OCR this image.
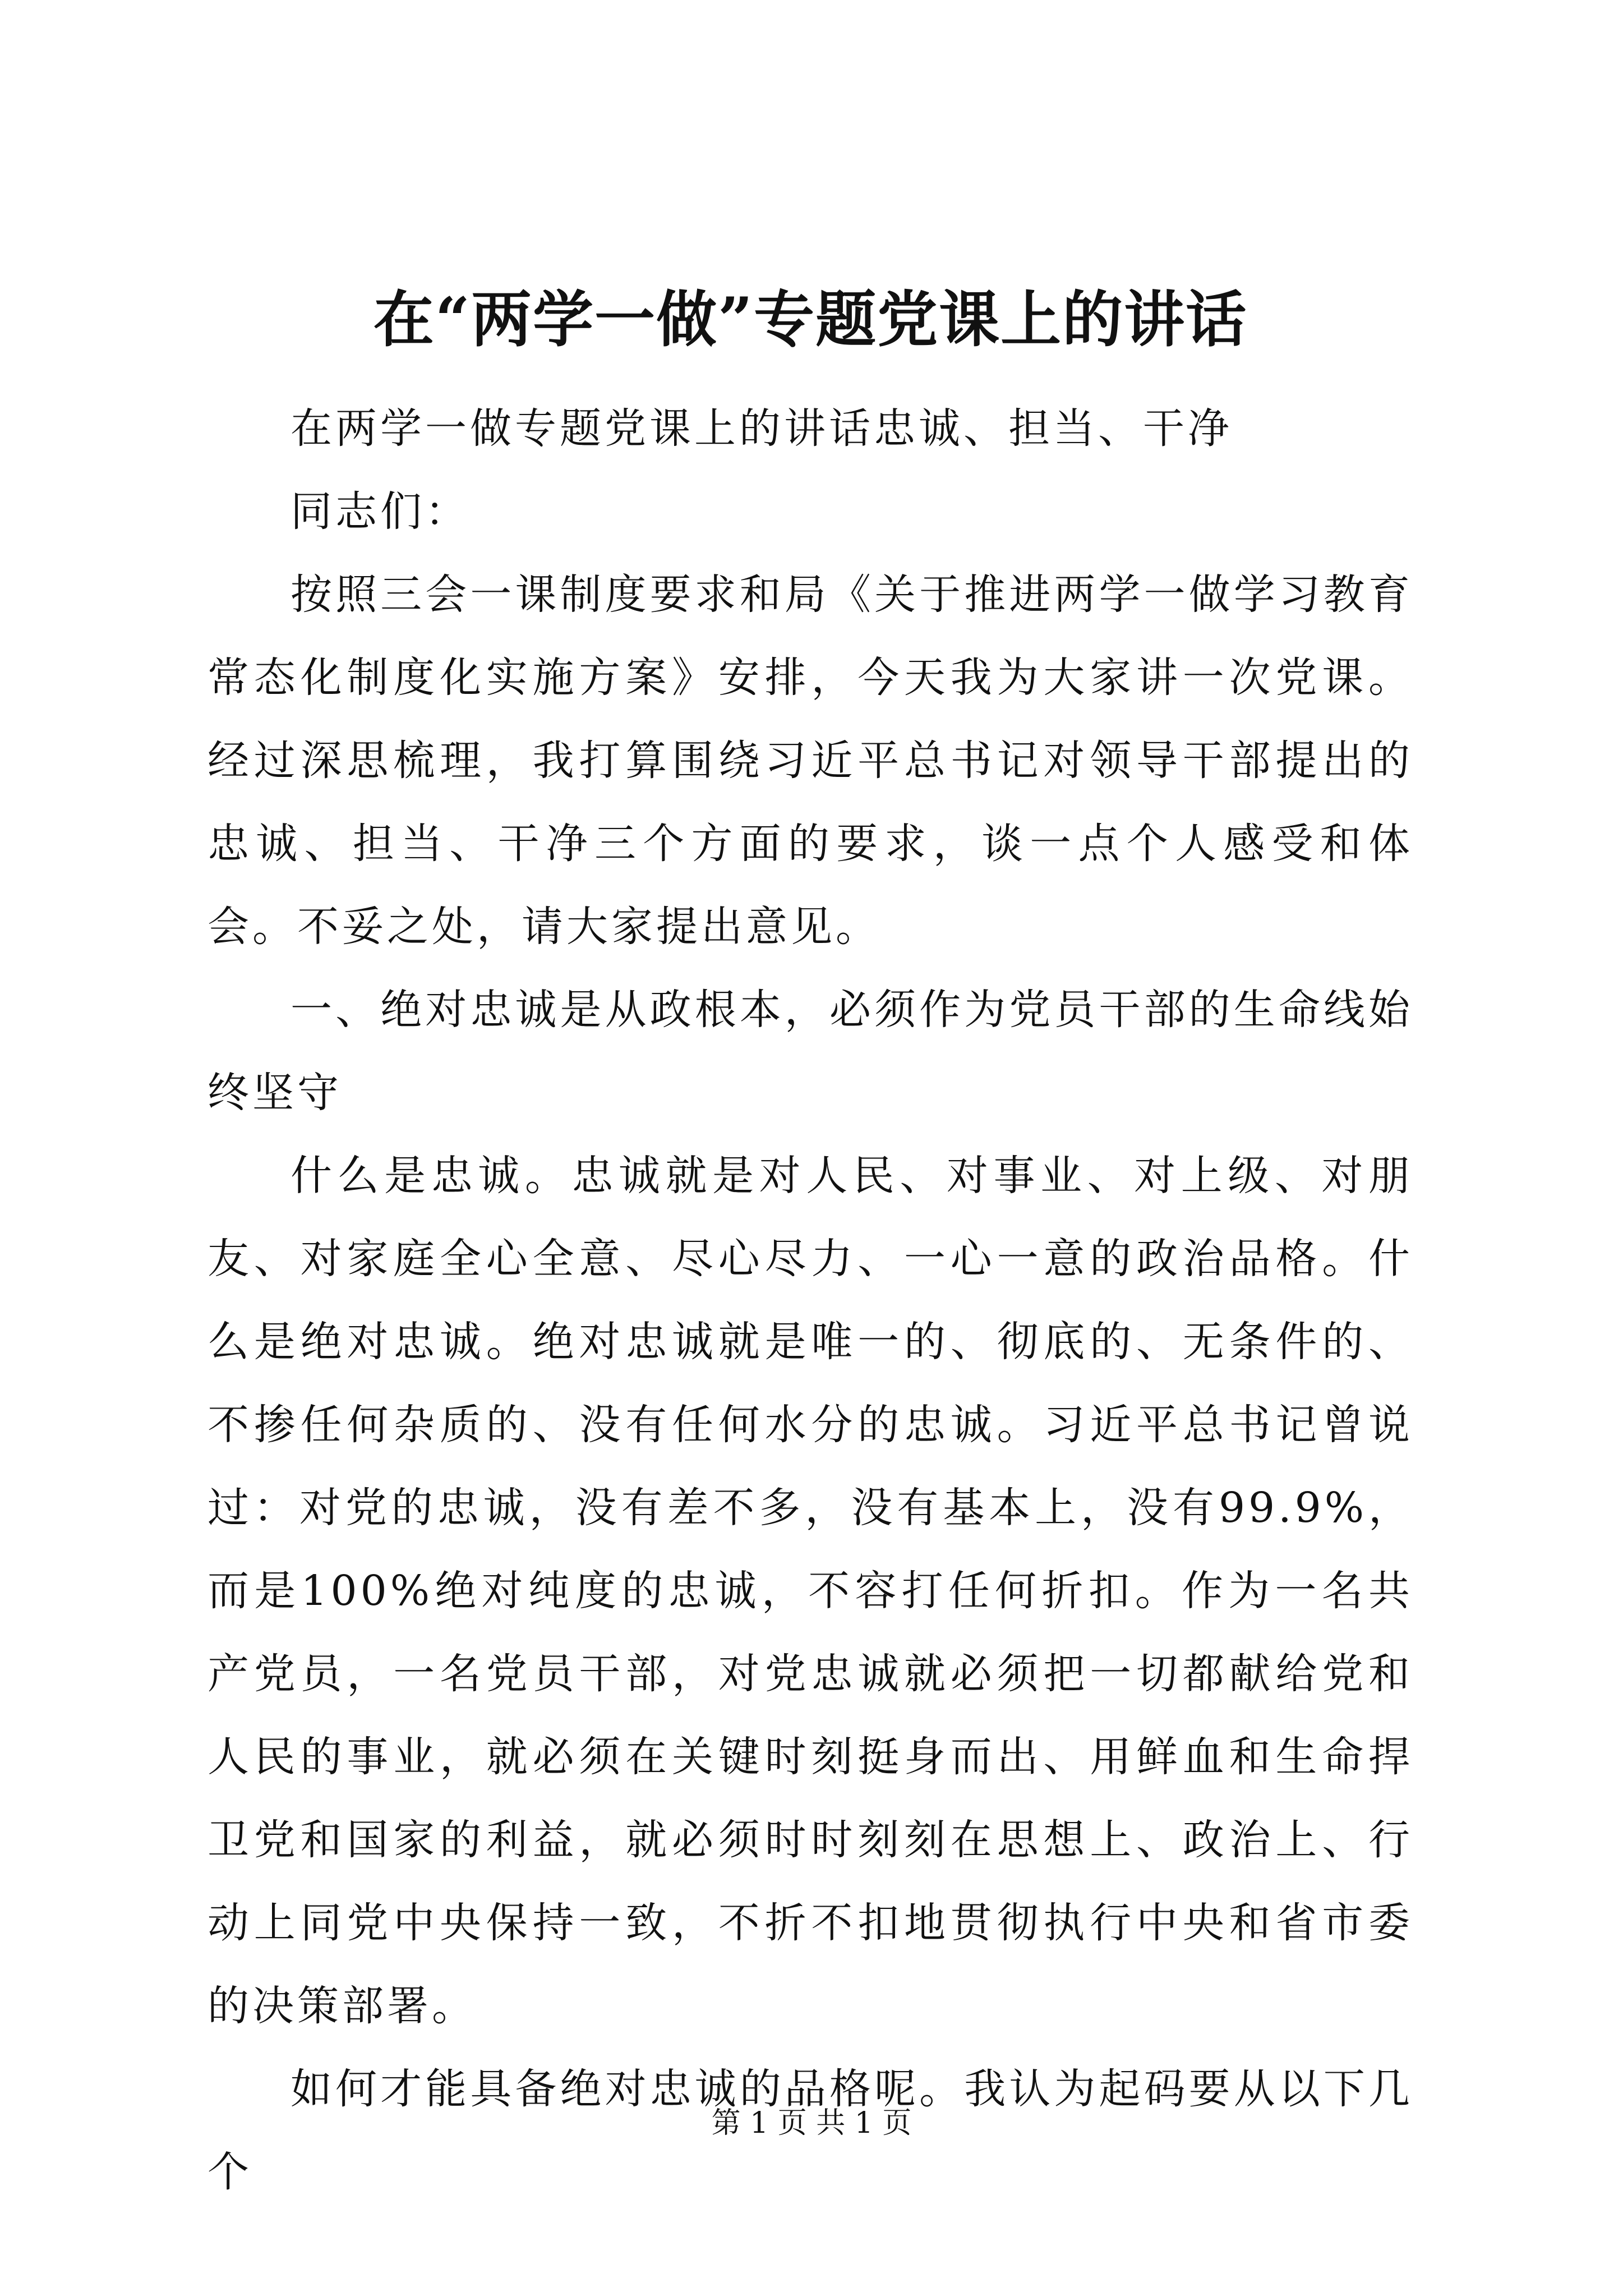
在“两学一做”专题党课上的讲话

在两学一做专题党课上的讲话忠诚、担当、干净

同志们：

按照三会一课制度要求和局《关于推进两学一做学习教育常态化制度化实施方案》安排，今天我为大家讲一次党课。经过深思梳理，我打算围绕习近平总书记对领导干部提出的忠诚、担当、干净三个方面的要求，谈一点个人感受和体会。不妥之处，请大家提出意见。

一、绝对忠诚是从政根本，必须作为党员干部的生命线始终坚守

什么是忠诚。忠诚就是对人民、对事业、对上级、对朋友、对家庭全心全意、尽心尽力、一心一意的政治品格。什么是绝对忠诚。绝对忠诚就是唯一的、彻底的、无条件的、不掺任何杂质的、没有任何水分的忠诚。习近平总书记曾说过：对党的忠诚，没有差不多，没有基本上，没有99.9%，而是100%绝对纯度的忠诚，不容打任何折扣。作为一名共产党员，一名党员干部，对党忠诚就必须把一切都献给党和人民的事业，就必须在关键时刻挺身而出、用鲜血和生命捍卫党和国家的利益，就必须时时刻刻在思想上、政治上、行动上同党中央保持一致，不折不扣地贯彻执行中央和省市委的决策部署。

如何才能具备绝对忠诚的品格呢。我认为起码要从以下几个

第 1 页 共 1 页
